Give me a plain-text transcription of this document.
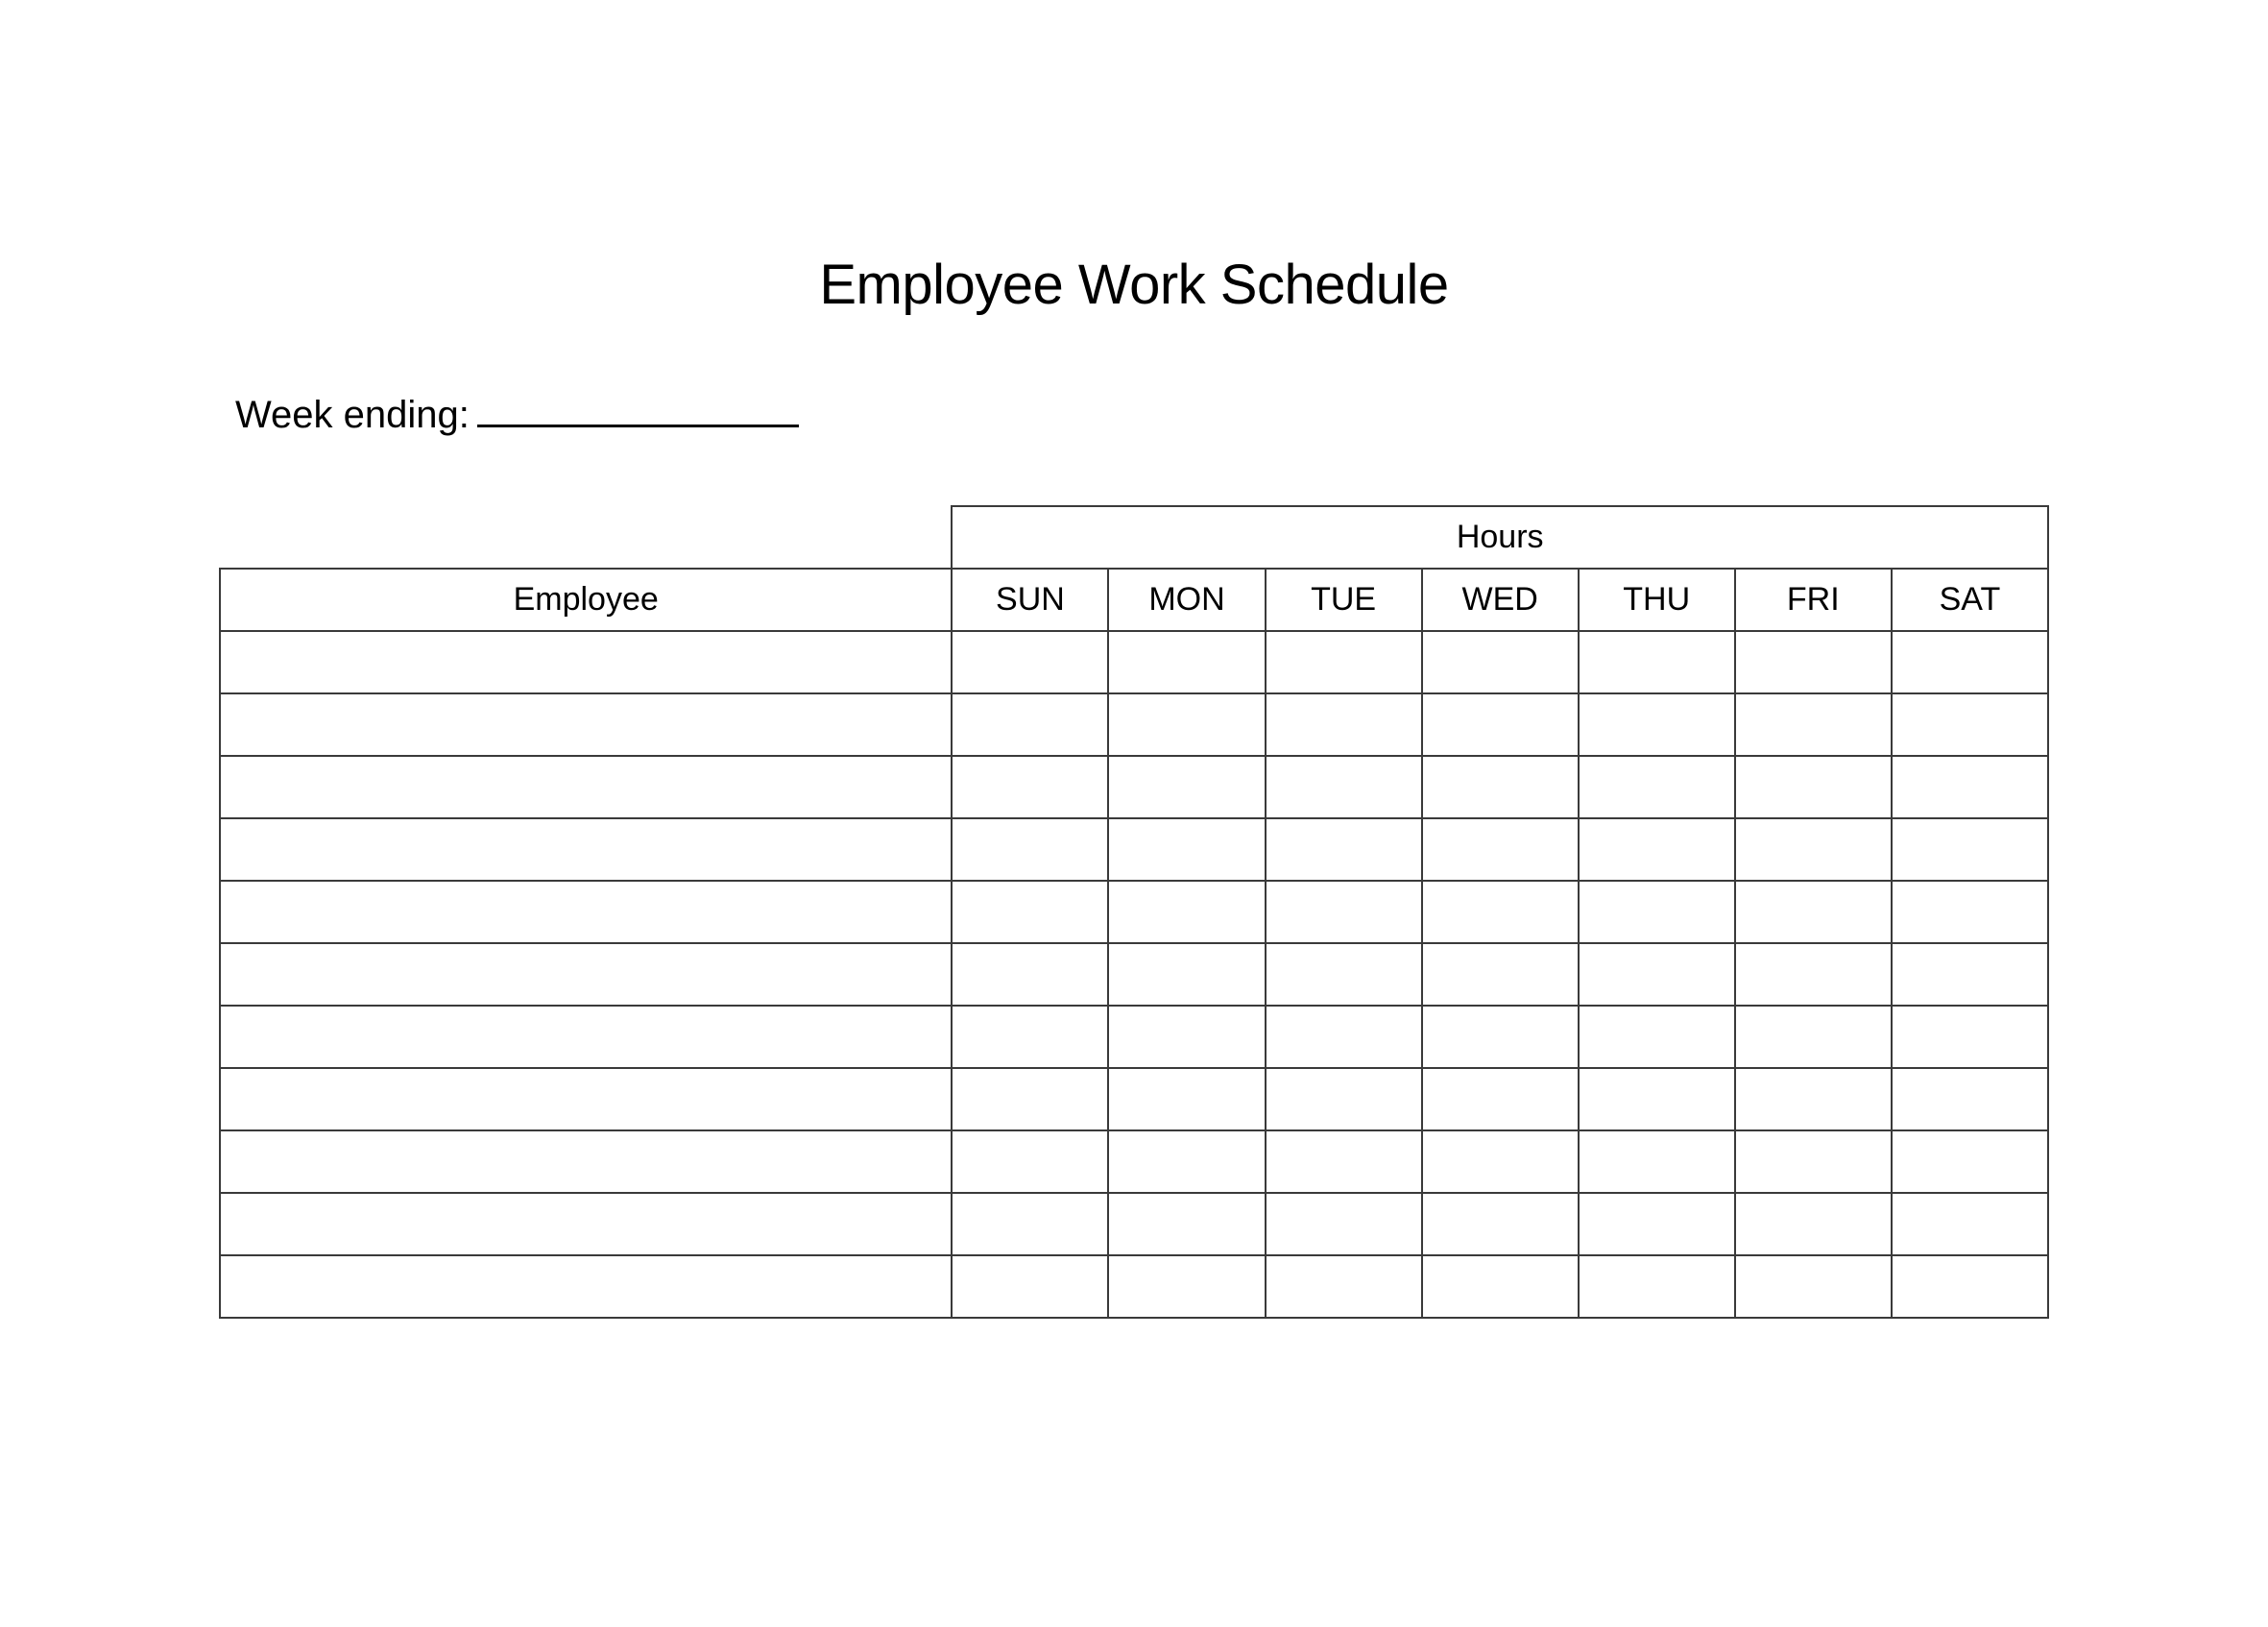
Employee Work Schedule
Week ending:
	Hours						
Employee	SUN	MON	TUE	WED	THU	FRI	SAT
